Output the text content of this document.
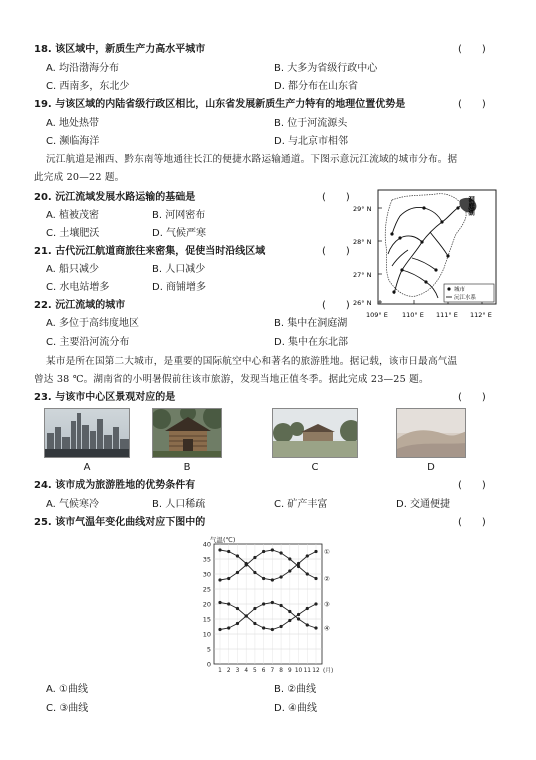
18. 该区域中，新质生产力高水平城市	(　　)
A. 均沿渤海分布	B. 大多为省级行政中心
C. 西南多，东北少	D. 都分布在山东省
19. 与该区域的内陆省级行政区相比，山东省发展新质生产力特有的地理位置优势是	(　　)
A. 地处热带	B. 位于河流源头
C. 濒临海洋	D. 与北京市相邻
沅江航道是湘西、黔东南等地通往长江的便捷水路运输通道。下图示意沅江流域的城市分布。据
此完成 20—22 题。
20. 沅江流域发展水路运输的基础是	(　　)
A. 植被茂密	B. 河网密布
C. 土壤肥沃	D. 气候严寒
21. 古代沅江航道商旅往来密集，促使当时沿线区域	(　　)
A. 船只减少	B. 人口减少
C. 水电站增多	D. 商铺增多
22. 沅江流域的城市	(　　)
A. 多位于高纬度地区	B. 集中在洞庭湖
C. 主要沿河流分布	D. 集中在东北部
29° N
28° N
27° N
26° N
109° E 110° E 111° E 112° E
洞庭湖
城市
沅江水系
某市是所在国第二大城市，是重要的国际航空中心和著名的旅游胜地。据记载，该市日最高气温
曾达 38 ℃。湖南省的小明暑假前往该市旅游，发现当地正值冬季。据此完成 23—25 题。
23. 与该市中心区景观对应的是	(　　)
A	B	C	D
24. 该市成为旅游胜地的优势条件有	(　　)
A. 气候寒冷	B. 人口稀疏	C. 矿产丰富	D. 交通便捷
25. 该市气温年变化曲线对应下图中的	(　　)
0
5
10
15
20
25
30
35
40
1 2 3 4 5 6 7 8 9 10 11 12
气温(℃)
(月)
①
②
③
④
A. ①曲线	B. ②曲线
C. ③曲线	D. ④曲线
